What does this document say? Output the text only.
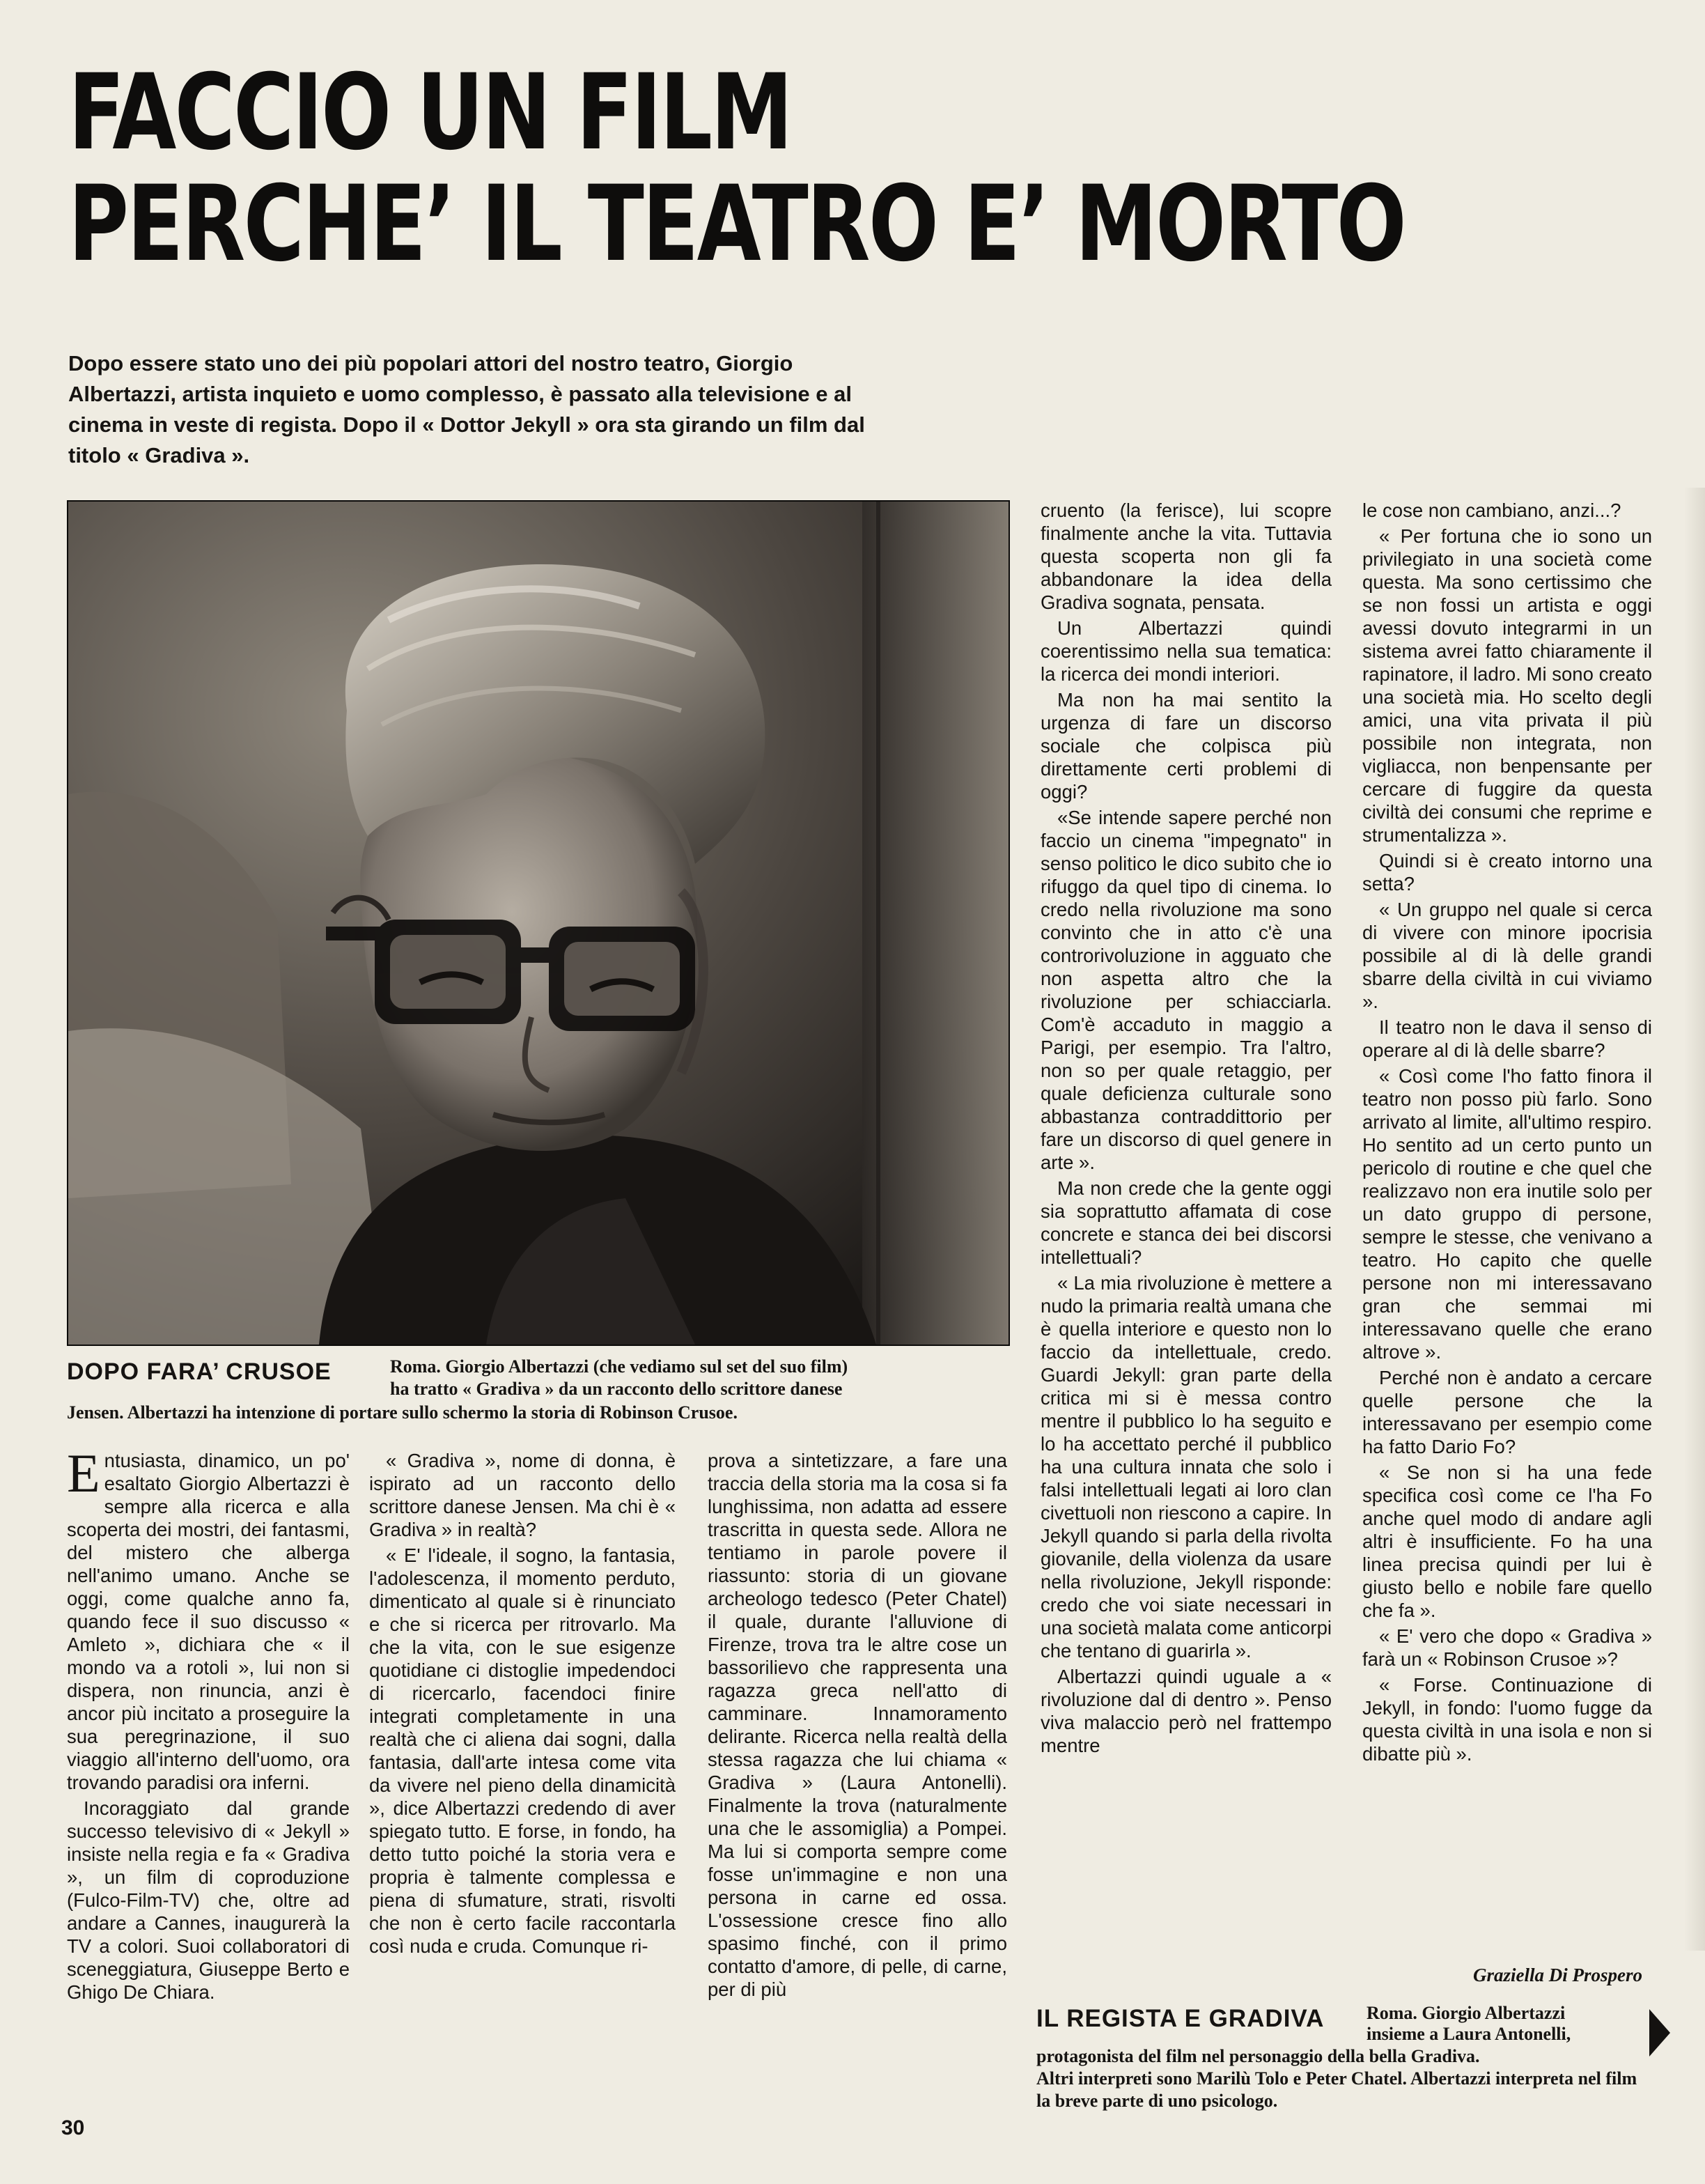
FACCIO UN FILM
PERCHE’ IL TEATRO E’ MORTO

Dopo essere stato uno dei più popolari attori del nostro teatro, Giorgio Albertazzi, artista inquieto e uomo complesso, è passato alla televisione e al cinema in veste di regista. Dopo il « Dottor Jekyll » ora sta girando un film dal titolo « Gradiva ».

DOPO FARA’ CRUSOE	Roma. Giorgio Albertazzi (che vediamo sul set del suo film)

ha tratto « Gradiva » da un racconto dello scrittore danese

Jensen. Albertazzi ha intenzione di portare sullo schermo la storia di Robinson Crusoe.

Entusiasta, dinamico, un po' esaltato Giorgio Albertazzi è sempre alla ricerca e alla scoperta dei mostri, dei fantasmi, del mistero che alberga nell'animo umano. Anche se oggi, come qualche anno fa, quando fece il suo discusso « Amleto », dichiara che « il mondo va a rotoli », lui non si dispera, non rinuncia, anzi è ancor più incitato a proseguire la sua peregrinazione, il suo viaggio all'interno dell'uomo, ora trovando paradisi ora inferni.

Incoraggiato dal grande successo televisivo di « Jekyll » insiste nella regia e fa « Gradiva », un film di coproduzione (Fulco-Film-TV) che, oltre ad andare a Cannes, inaugurerà la TV a colori. Suoi collaboratori di sceneggiatura, Giuseppe Berto e Ghigo De Chiara.

« Gradiva », nome di donna, è ispirato ad un racconto dello scrittore danese Jensen. Ma chi è « Gradiva » in realtà?

« E' l'ideale, il sogno, la fantasia, l'adolescenza, il momento perduto, dimenticato al quale si è rinunciato e che si ricerca per ritrovarlo. Ma che la vita, con le sue esigenze quotidiane ci distoglie impedendoci di ricercarlo, facendoci finire integrati completamente in una realtà che ci aliena dai sogni, dalla fantasia, dall'arte intesa come vita da vivere nel pieno della dinamicità », dice Albertazzi credendo di aver spiegato tutto. E forse, in fondo, ha detto tutto poiché la storia vera e propria è talmente complessa e piena di sfumature, strati, risvolti che non è certo facile raccontarla così nuda e cruda. Comunque ri-

prova a sintetizzare, a fare una traccia della storia ma la cosa si fa lunghissima, non adatta ad essere trascritta in questa sede. Allora ne tentiamo in parole povere il riassunto: storia di un giovane archeologo tedesco (Peter Chatel) il quale, durante l'alluvione di Firenze, trova tra le altre cose un bassorilievo che rappresenta una ragazza greca nell'atto di camminare. Innamoramento delirante. Ricerca nella realtà della stessa ragazza che lui chiama « Gradiva » (Laura Antonelli). Finalmente la trova (naturalmente una che le assomiglia) a Pompei. Ma lui si comporta sempre come fosse un'immagine e non una persona in carne ed ossa. L'ossessione cresce fino allo spasimo finché, con il primo contatto d'amore, di pelle, di carne, per di più

cruento (la ferisce), lui scopre finalmente anche la vita. Tuttavia questa scoperta non gli fa abbandonare la idea della Gradiva sognata, pensata.

Un Albertazzi quindi coerentissimo nella sua tematica: la ricerca dei mondi interiori.

Ma non ha mai sentito la urgenza di fare un discorso sociale che colpisca più direttamente certi problemi di oggi?

«Se intende sapere perché non faccio un cinema "impegnato" in senso politico le dico subito che io rifuggo da quel tipo di cinema. Io credo nella rivoluzione ma sono convinto che in atto c'è una controrivoluzione in agguato che non aspetta altro che la rivoluzione per schiacciarla. Com'è accaduto in maggio a Parigi, per esempio. Tra l'altro, non so per quale retaggio, per quale deficienza culturale sono abbastanza contraddittorio per fare un discorso di quel genere in arte ».

Ma non crede che la gente oggi sia soprattutto affamata di cose concrete e stanca dei bei discorsi intellettuali?

« La mia rivoluzione è mettere a nudo la primaria realtà umana che è quella interiore e questo non lo faccio da intellettuale, credo. Guardi Jekyll: gran parte della critica mi si è messa contro mentre il pubblico lo ha seguito e lo ha accettato perché il pubblico ha una cultura innata che solo i falsi intellettuali legati ai loro clan civettuoli non riescono a capire. In Jekyll quando si parla della rivolta giovanile, della violenza da usare nella rivoluzione, Jekyll risponde: credo che voi siate necessari in una società malata come anticorpi che tentano di guarirla ».

Albertazzi quindi uguale a « rivoluzione dal di dentro ». Penso viva malaccio però nel frattempo mentre

le cose non cambiano, anzi...?

« Per fortuna che io sono un privilegiato in una società come questa. Ma sono certissimo che se non fossi un artista e oggi avessi dovuto integrarmi in un sistema avrei fatto chiaramente il rapinatore, il ladro. Mi sono creato una società mia. Ho scelto degli amici, una vita privata il più possibile non integrata, non vigliacca, non benpensante per cercare di fuggire da questa civiltà dei consumi che reprime e strumentalizza ».

Quindi si è creato intorno una setta?

« Un gruppo nel quale si cerca di vivere con minore ipocrisia possibile al di là delle grandi sbarre della civiltà in cui viviamo ».

Il teatro non le dava il senso di operare al di là delle sbarre?

« Così come l'ho fatto finora il teatro non posso più farlo. Sono arrivato al limite, all'ultimo respiro. Ho sentito ad un certo punto un pericolo di routine e che quel che realizzavo non era inutile solo per un dato gruppo di persone, sempre le stesse, che venivano a teatro. Ho capito che quelle persone non mi interessavano gran che semmai mi interessavano quelle che erano altrove ».

Perché non è andato a cercare quelle persone che la interessavano per esempio come ha fatto Dario Fo?

« Se non si ha una fede specifica così come ce l'ha Fo anche quel modo di andare agli altri è insufficiente. Fo ha una linea precisa quindi per lui è giusto bello e nobile fare quello che fa ».

« E' vero che dopo « Gradiva » farà un « Robinson Crusoe »?

« Forse. Continuazione di Jekyll, in fondo: l'uomo fugge da questa civiltà in una isola e non si dibatte più ».

Graziella Di Prospero

IL REGISTA E GRADIVA Roma. Giorgio Albertazzi

insieme a Laura Antonelli,

protagonista del film nel personaggio della bella Gradiva.

Altri interpreti sono Marilù Tolo e Peter Chatel. Albertazzi interpreta nel film la breve parte di uno psicologo.

30
